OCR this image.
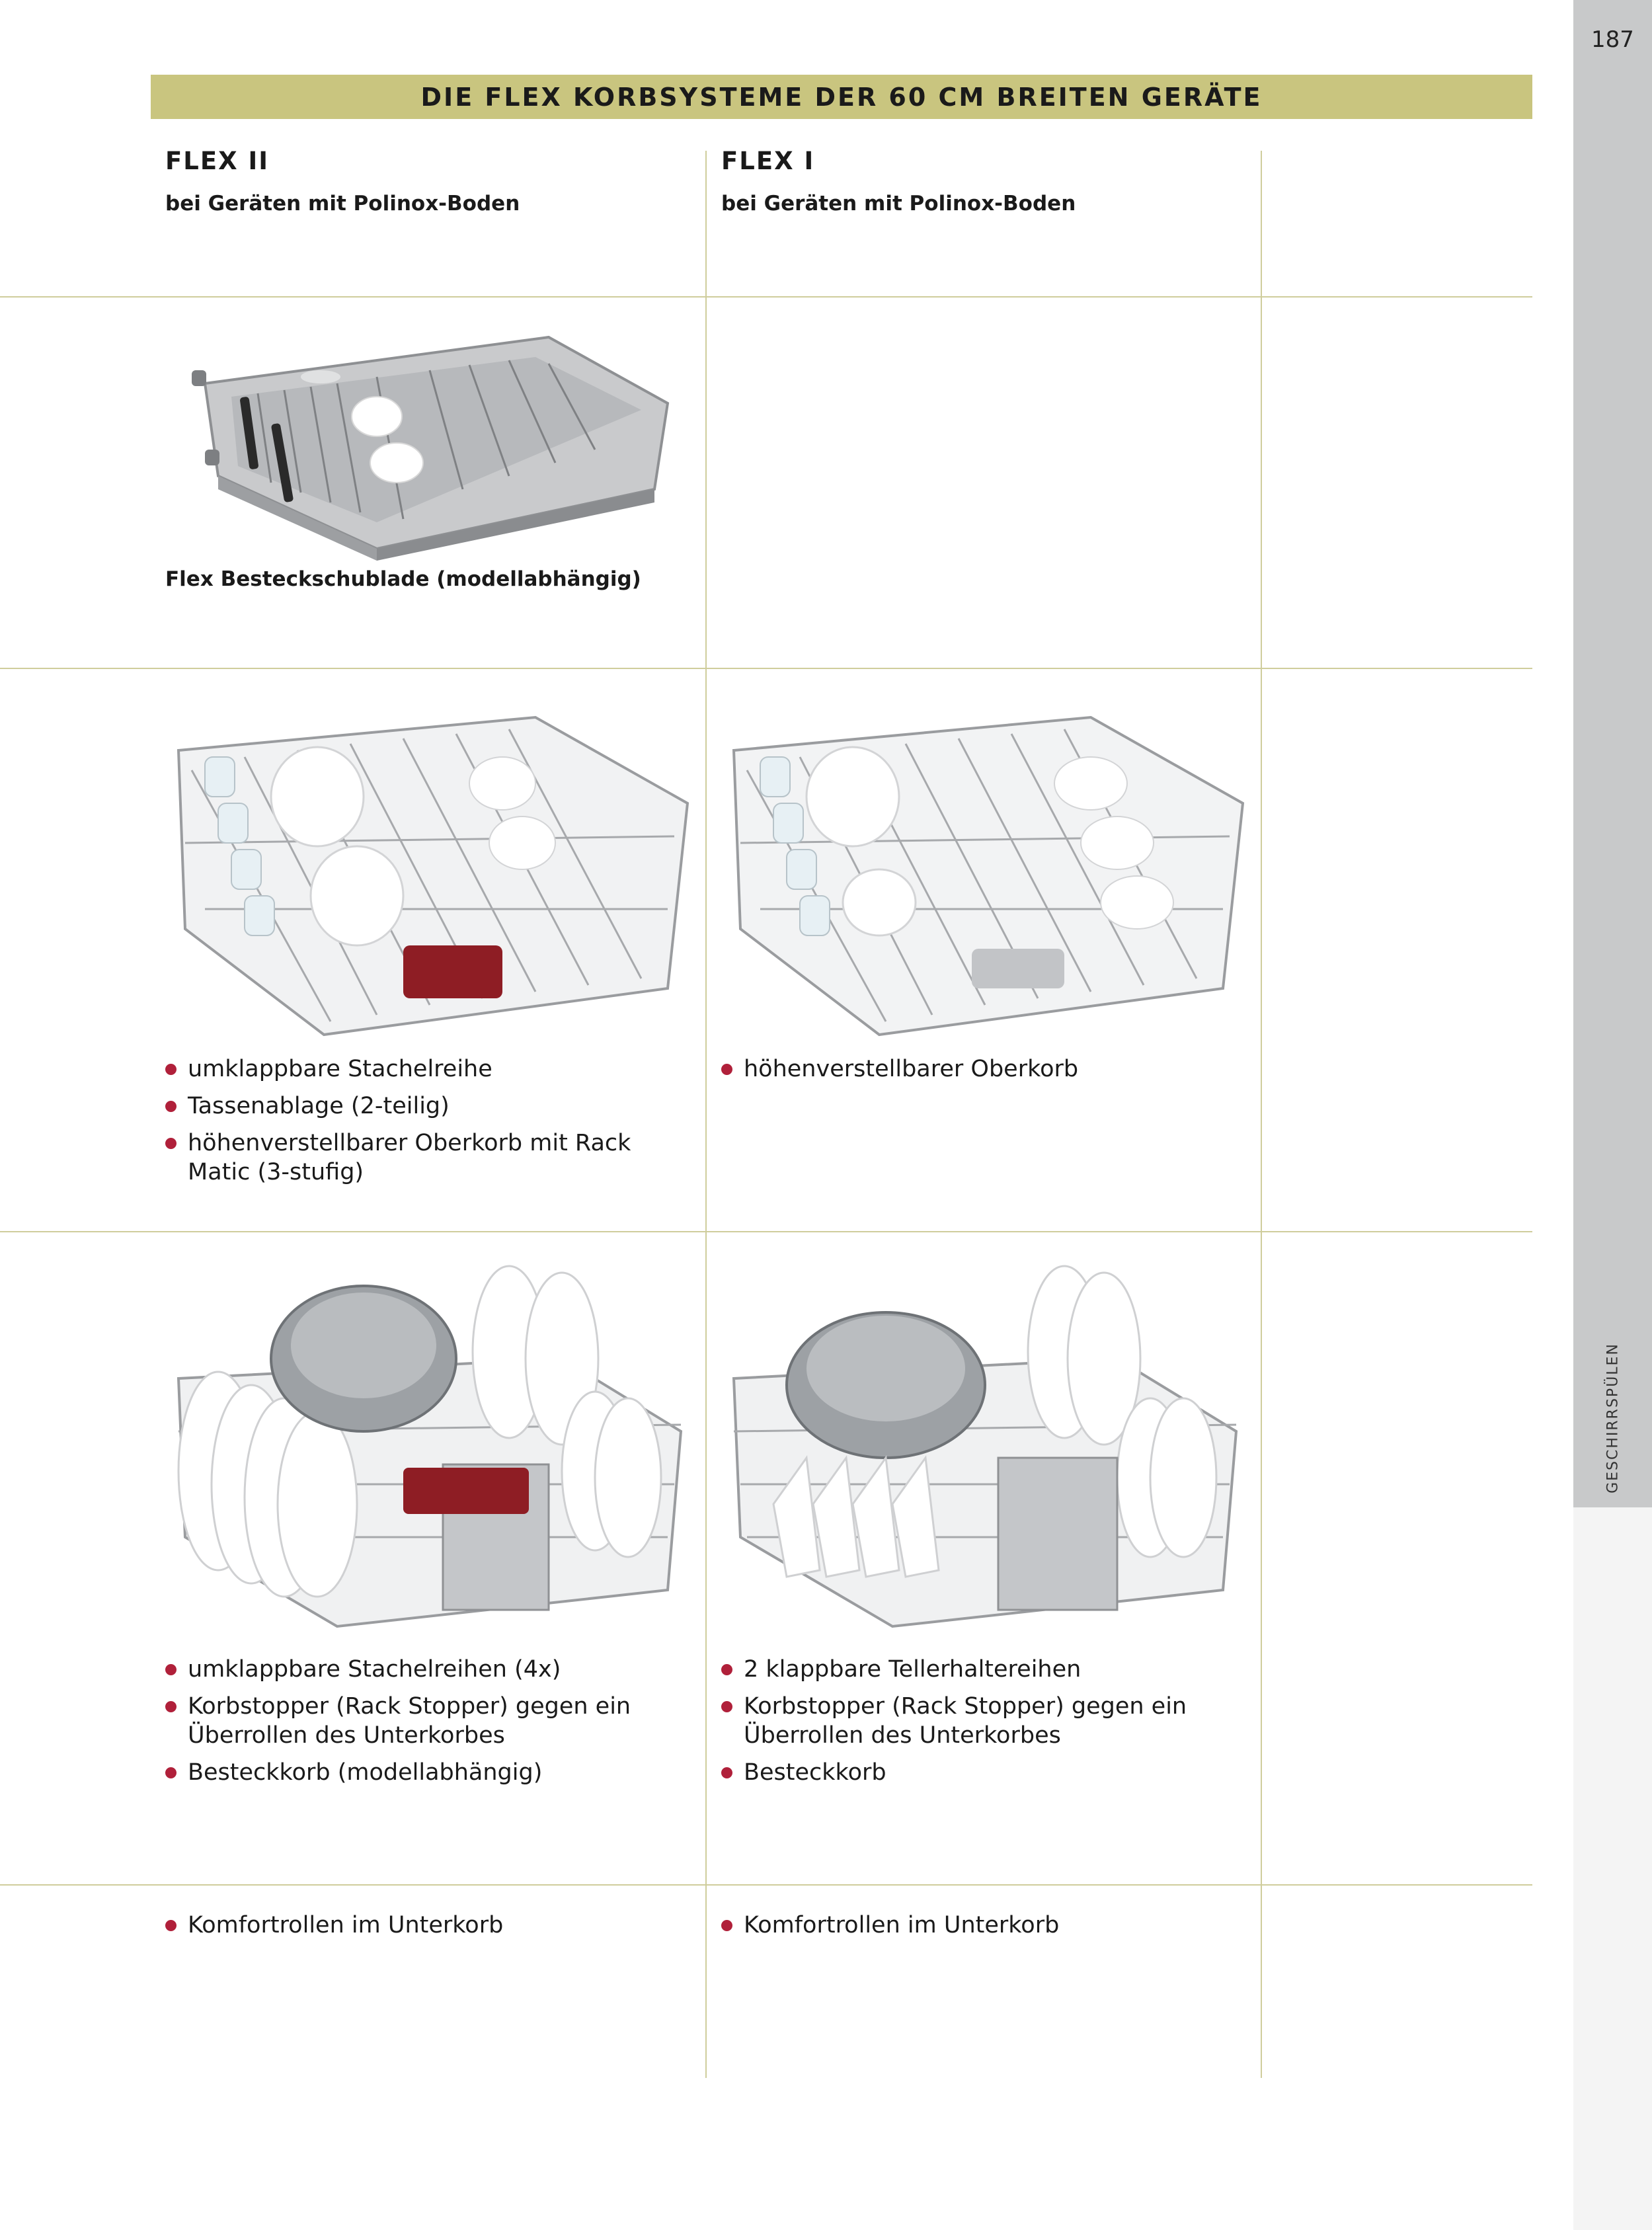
187
GESCHIRRSPÜLEN
DIE FLEX KORBSYSTEME DER 60 CM BREITEN GERÄTE
FLEX II
bei Geräten mit Polinox-Boden
FLEX I
bei Geräten mit Polinox-Boden
Flex Besteckschublade (modellabhängig)
umklappbare Stachelreihe
Tassenablage (2-teilig)
höhenverstellbarer Oberkorb mit Rack Matic (3-stufig)
höhenverstellbarer Oberkorb
umklappbare Stachelreihen (4x)
Korbstopper (Rack Stopper) gegen ein Überrollen des Unterkorbes
Besteckkorb (modellabhängig)
2 klappbare Tellerhaltereihen
Korbstopper (Rack Stopper) gegen ein Überrollen des Unterkorbes
Besteckkorb
Komfortrollen im Unterkorb	Komfortrollen im Unterkorb
